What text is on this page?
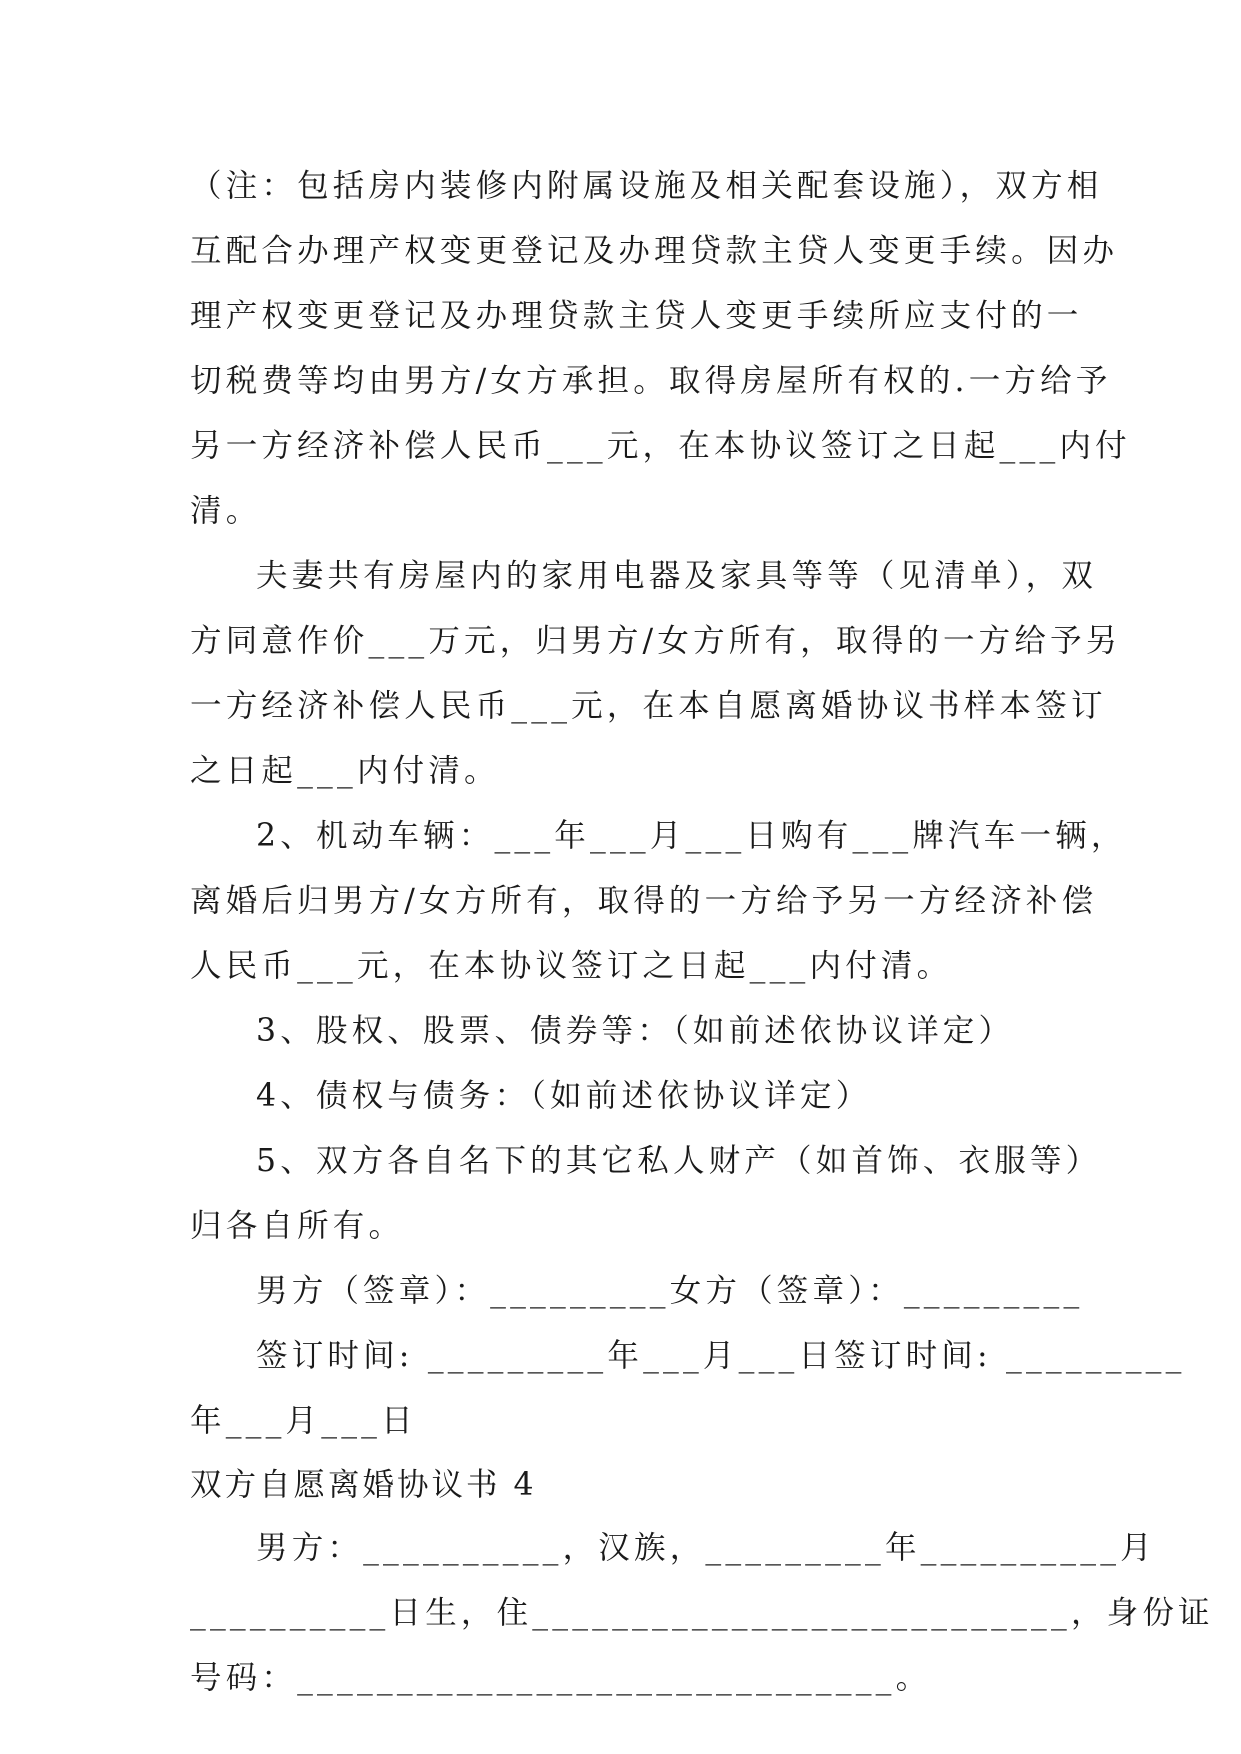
（注：包括房内装修内附属设施及相关配套设施），双方相
互配合办理产权变更登记及办理贷款主贷人变更手续。因办
理产权变更登记及办理贷款主贷人变更手续所应支付的一
切税费等均由男方/女方承担。取得房屋所有权的.一方给予
另一方经济补偿人民币___元，在本协议签订之日起___内付
清。
夫妻共有房屋内的家用电器及家具等等（见清单），双
方同意作价___万元，归男方/女方所有，取得的一方给予另
一方经济补偿人民币___元，在本自愿离婚协议书样本签订
之日起___内付清。
2、机动车辆：___年___月___日购有___牌汽车一辆，
离婚后归男方/女方所有，取得的一方给予另一方经济补偿
人民币___元，在本协议签订之日起___内付清。
3、股权、股票、债券等：（如前述依协议详定）
4、债权与债务：（如前述依协议详定）
5、双方各自名下的其它私人财产（如首饰、衣服等）
归各自所有。
男方（签章）：_________女方（签章）：_________
签订时间: _________年___月___日签订时间: _________
年___月___日
双方自愿离婚协议书 4
男方：__________，汉族，_________年__________月
__________日生，住___________________________，身份证
号码：______________________________。
